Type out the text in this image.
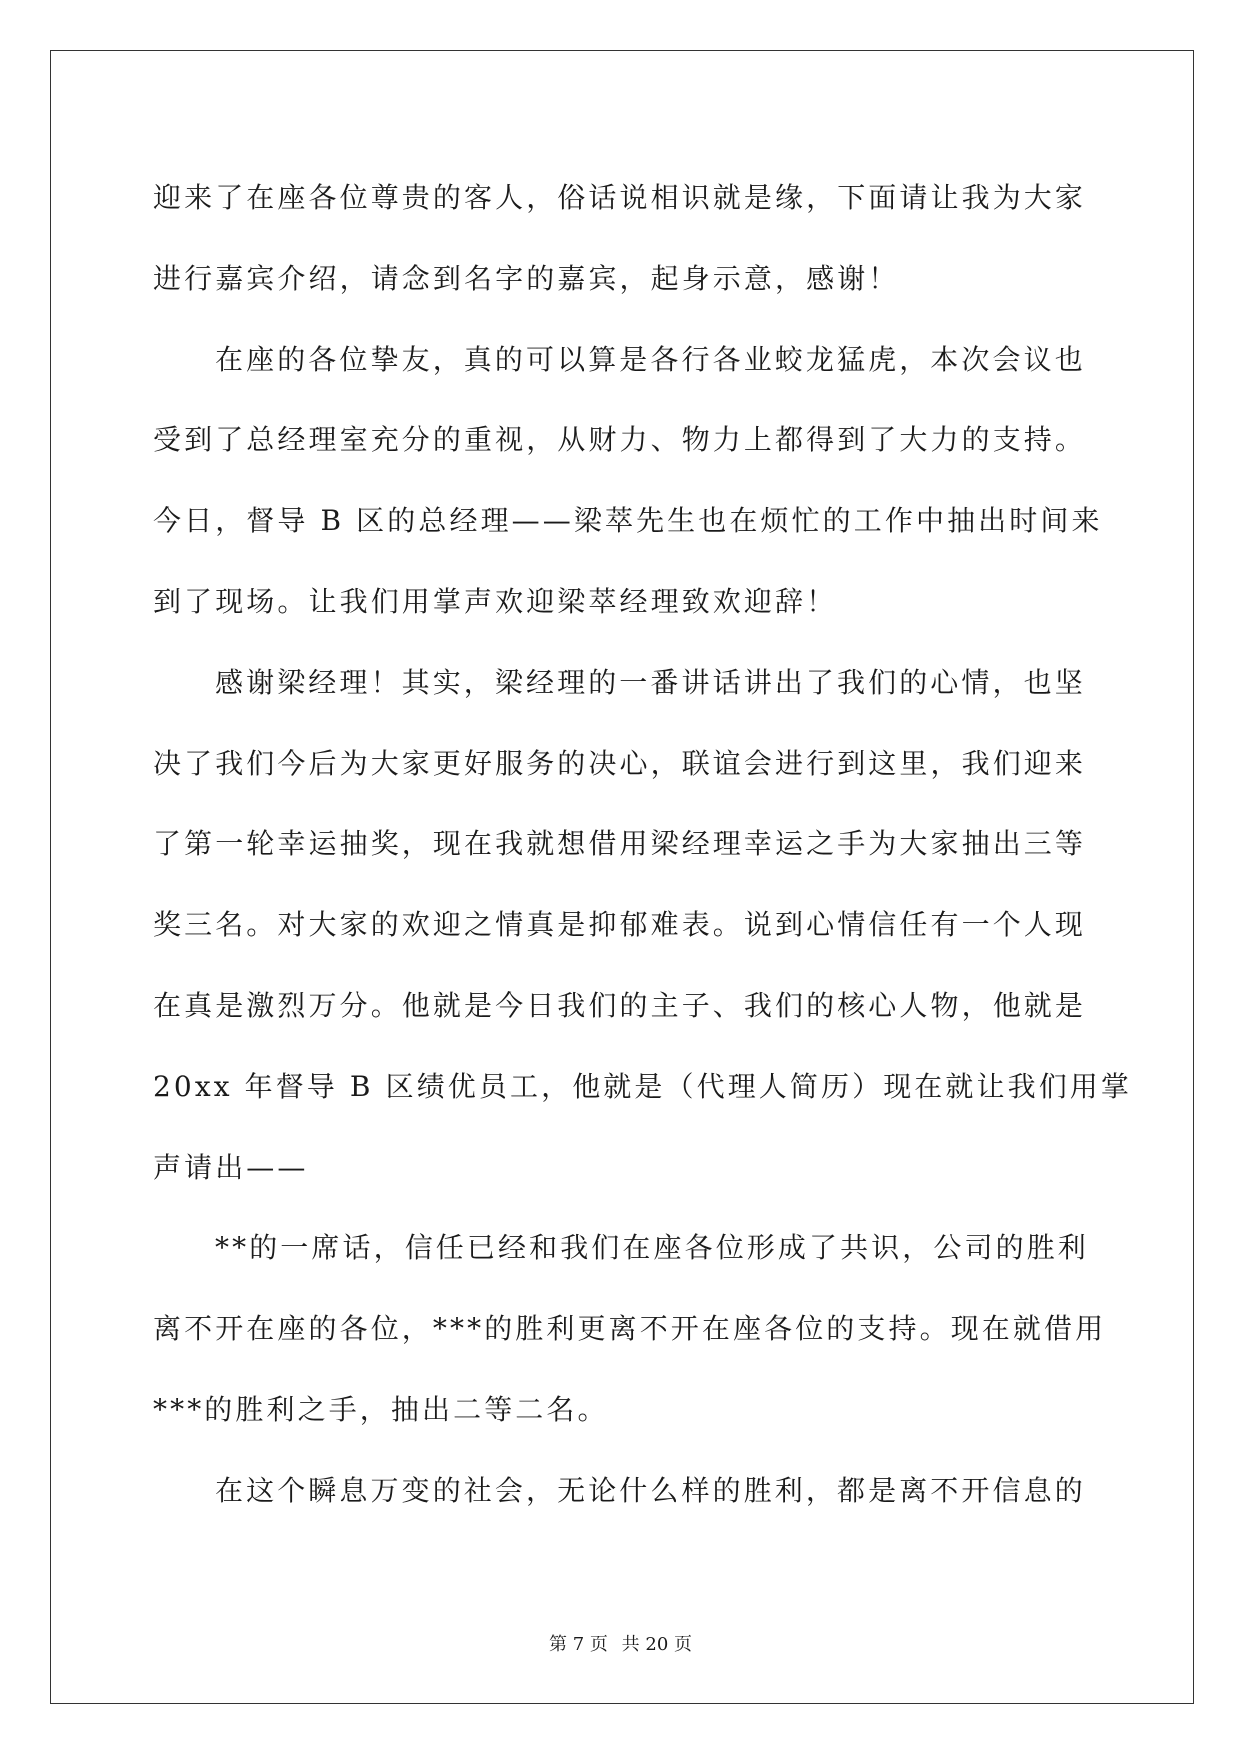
迎来了在座各位尊贵的客人，俗话说相识就是缘，下面请让我为大家
进行嘉宾介绍，请念到名字的嘉宾，起身示意，感谢！
在座的各位挚友，真的可以算是各行各业蛟龙猛虎，本次会议也
受到了总经理室充分的重视，从财力、物力上都得到了大力的支持。
今日，督导 B 区的总经理——梁萃先生也在烦忙的工作中抽出时间来
到了现场。让我们用掌声欢迎梁萃经理致欢迎辞！
感谢梁经理！其实，梁经理的一番讲话讲出了我们的心情，也坚
决了我们今后为大家更好服务的决心，联谊会进行到这里，我们迎来
了第一轮幸运抽奖，现在我就想借用梁经理幸运之手为大家抽出三等
奖三名。对大家的欢迎之情真是抑郁难表。说到心情信任有一个人现
在真是激烈万分。他就是今日我们的主子、我们的核心人物，他就是
20xx 年督导 B 区绩优员工，他就是（代理人简历）现在就让我们用掌
声请出——
**的一席话，信任已经和我们在座各位形成了共识，公司的胜利
离不开在座的各位，***的胜利更离不开在座各位的支持。现在就借用
***的胜利之手，抽出二等二名。
在这个瞬息万变的社会，无论什么样的胜利，都是离不开信息的
第 7 页 共 20 页
